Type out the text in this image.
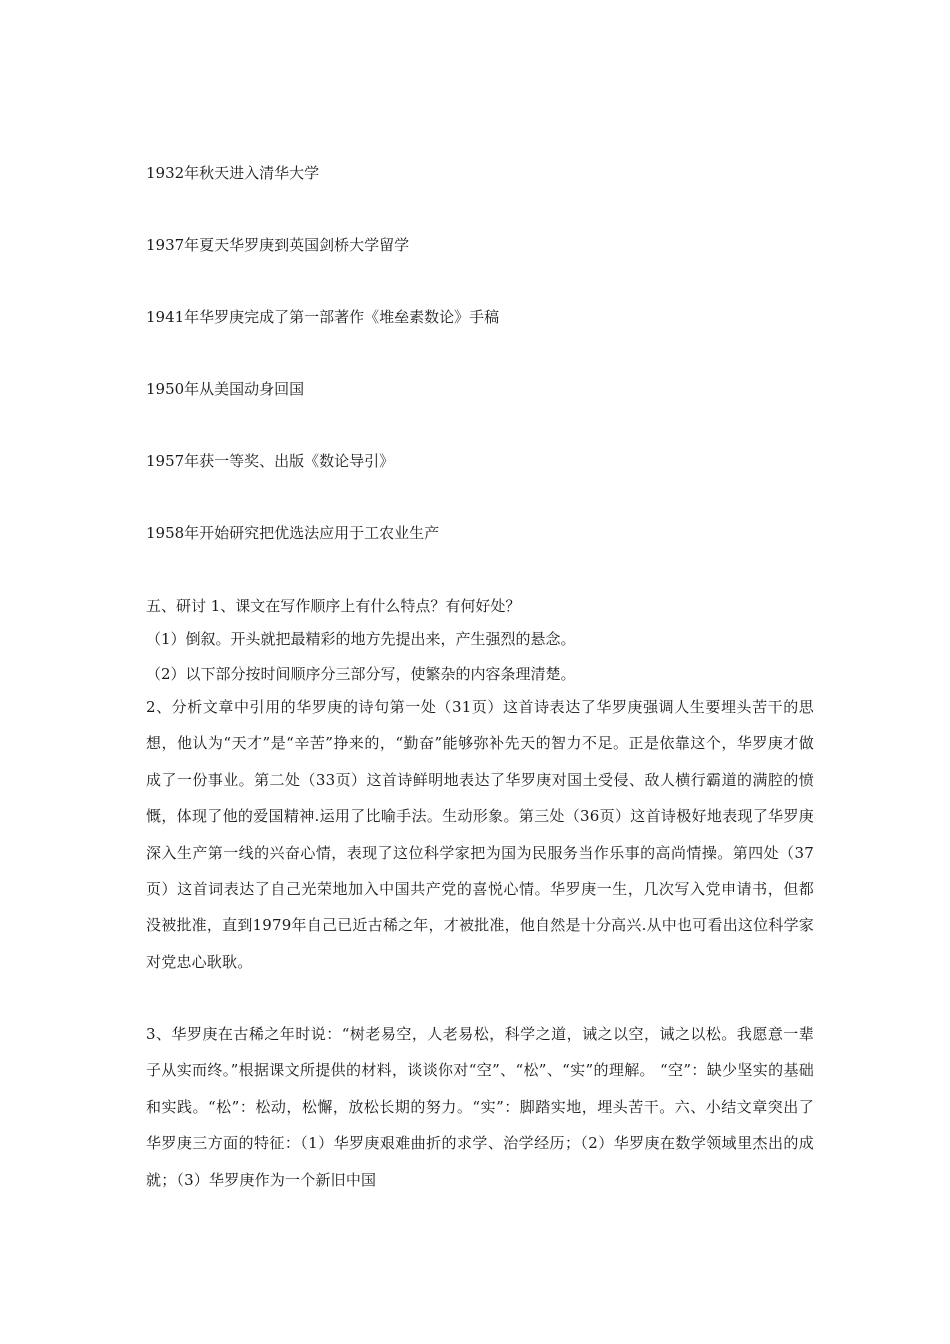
1932年秋天进入清华大学
1937年夏天华罗庚到英国剑桥大学留学
1941年华罗庚完成了第一部著作《堆垒素数论》手稿
1950年从美国动身回国
1957年获一等奖、出版《数论导引》
1958年开始研究把优选法应用于工农业生产
五、研讨 1、课文在写作顺序上有什么特点？有何好处？
（1）倒叙。开头就把最精彩的地方先提出来，产生强烈的悬念。
（2）以下部分按时间顺序分三部分写，使繁杂的内容条理清楚。
2、分析文章中引用的华罗庚的诗句第一处（31页）这首诗表达了华罗庚强调人生要埋头苦干的思想，他认为“天才”是“辛苦”挣来的，“勤奋”能够弥补先天的智力不足。正是依靠这个，华罗庚才做成了一份事业。第二处（33页）这首诗鲜明地表达了华罗庚对国土受侵、敌人横行霸道的满腔的愤慨，体现了他的爱国精神.运用了比喻手法。生动形象。第三处（36页）这首诗极好地表现了华罗庚深入生产第一线的兴奋心情，表现了这位科学家把为国为民服务当作乐事的高尚情操。第四处（37页）这首词表达了自己光荣地加入中国共产党的喜悦心情。华罗庚一生，几次写入党申请书，但都没被批准，直到1979年自己已近古稀之年，才被批准，他自然是十分高兴.从中也可看出这位科学家对党忠心耿耿。
3、华罗庚在古稀之年时说：“树老易空，人老易松，科学之道，诫之以空，诫之以松。我愿意一辈子从实而终。”根据课文所提供的材料，谈谈你对“空”、“松”、“实”的理解。 “空”：缺少坚实的基础和实践。“松”：松动，松懈，放松长期的努力。“实”：脚踏实地，埋头苦干。六、小结文章突出了华罗庚三方面的特征：（1）华罗庚艰难曲折的求学、治学经历；（2）华罗庚在数学领域里杰出的成就；（3）华罗庚作为一个新旧中国
